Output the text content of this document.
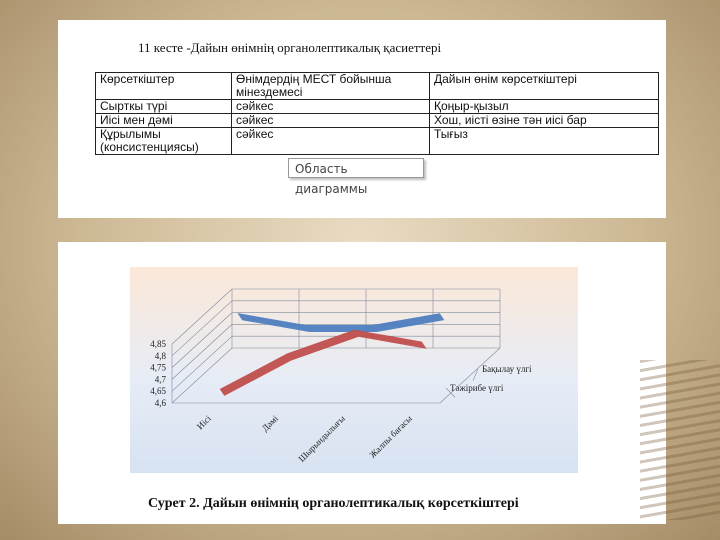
11 кесте -Дайын өнімнің органолептикалық қасиеттері
Көрсеткіштер	Өнімдердің МЕСТ бойынша мінездемесі	Дайын өнім көрсеткіштері
Сырткы түрі	сәйкес	Қоңыр-қызыл
Иісі мен дәмі	сәйкес	Хош, иісті өзіне тән иісі бар
Құрылымы (консистенциясы)	сәйкес	Тығыз
Область диаграммы
4,6
4,65
4,7
4,75
4,8
4,85
Иісі	Дәмі Шырындылығы Жалпы бағасы
Бақылау үлгі
Тәжірибе үлгі
Сурет 2. Дайын өнімнің органолептикалық көрсеткіштері
